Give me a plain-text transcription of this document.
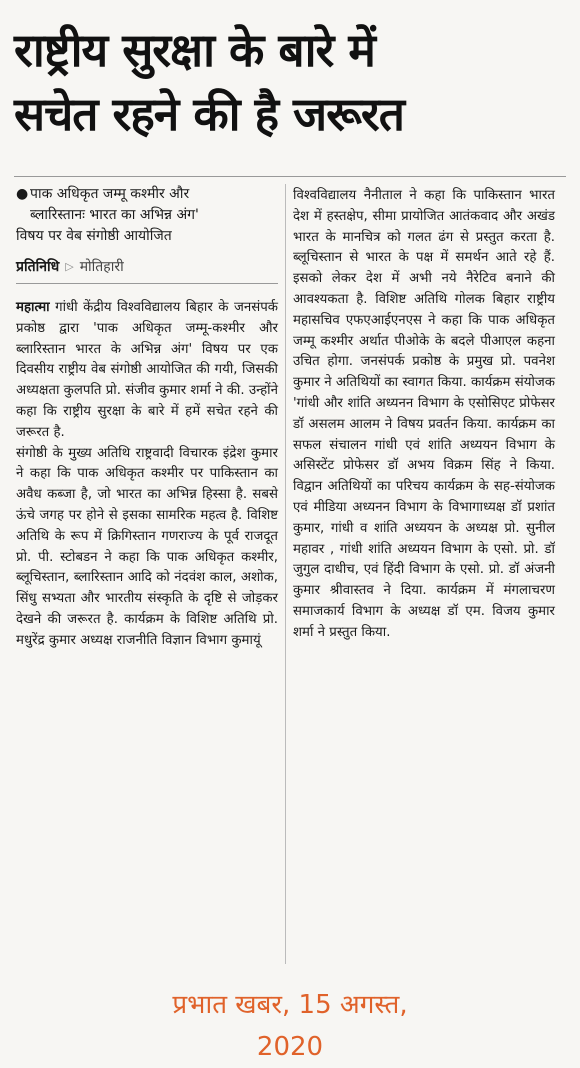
राष्ट्रीय सुरक्षा के बारे में
सचेत रहने की है जरूरत
● पाक अधिकृत जम्मू कश्मीर और
ब्लारिस्तानः भारत का अभिन्न अंग'
विषय पर वेब संगोष्ठी आयोजित
प्रतिनिधि ▷ मोतिहारी

महात्मा गांधी केंद्रीय विश्वविद्यालय बिहार के जनसंपर्क प्रकोष्ठ द्वारा 'पाक अधिकृत जम्मू-कश्मीर और ब्लारिस्तान भारत के अभिन्न अंग' विषय पर एक दिवसीय राष्ट्रीय वेब संगोष्ठी आयोजित की गयी, जिसकी अध्यक्षता कुलपति प्रो. संजीव कुमार शर्मा ने की. उन्होंने कहा कि राष्ट्रीय सुरक्षा के बारे में हमें सचेत रहने की जरूरत है.

संगोष्ठी के मुख्य अतिथि राष्ट्रवादी विचारक इंद्रेश कुमार ने कहा कि पाक अधिकृत कश्मीर पर पाकिस्तान का अवैध कब्जा है, जो भारत का अभिन्न हिस्सा है. सबसे ऊंचे जगह पर होने से इसका सामरिक महत्व है. विशिष्ट अतिथि के रूप में क्रिगिस्तान गणराज्य के पूर्व राजदूत प्रो. पी. स्टोबडन ने कहा कि पाक अधिकृत कश्मीर, ब्लूचिस्तान, ब्लारिस्तान आदि को नंदवंश काल, अशोक, सिंधु सभ्यता और भारतीय संस्कृति के दृष्टि से जोड़कर देखने की जरूरत है. कार्यक्रम के विशिष्ट अतिथि प्रो. मधुरेंद्र कुमार अध्यक्ष राजनीति विज्ञान विभाग कुमायूं

विश्वविद्यालय नैनीताल ने कहा कि पाकिस्तान भारत देश में हस्तक्षेप, सीमा प्रायोजित आतंकवाद और अखंड भारत के मानचित्र को गलत ढंग से प्रस्तुत करता है. ब्लूचिस्तान से भारत के पक्ष में समर्थन आते रहे हैं. इसको लेकर देश में अभी नये नैरेटिव बनाने की आवश्यकता है. विशिष्ट अतिथि गोलक बिहार राष्ट्रीय महासचिव एफएआईएनएस ने कहा कि पाक अधिकृत जम्मू कश्मीर अर्थात पीओके के बदले पीआएल कहना उचित होगा. जनसंपर्क प्रकोष्ठ के प्रमुख प्रो. पवनेश कुमार ने अतिथियों का स्वागत किया. कार्यक्रम संयोजक 'गांधी और शांति अध्यनन विभाग के एसोसिएट प्रोफेसर डॉ असलम आलम ने विषय प्रवर्तन किया. कार्यक्रम का सफल संचालन गांधी एवं शांति अध्ययन विभाग के असिस्टेंट प्रोफेसर डॉ अभय विक्रम सिंह ने किया. विद्वान अतिथियों का परिचय कार्यक्रम के सह-संयोजक एवं मीडिया अध्यनन विभाग के विभागाध्यक्ष डॉ प्रशांत कुमार, गांधी व शांति अध्ययन के अध्यक्ष प्रो. सुनील महावर , गांधी शांति अध्ययन विभाग के एसो. प्रो. डॉ जुगुल दाधीच, एवं हिंदी विभाग के एसो. प्रो. डॉ अंजनी कुमार श्रीवास्तव ने दिया. कार्यक्रम में मंगलाचरण समाजकार्य विभाग के अध्यक्ष डॉ एम. विजय कुमार शर्मा ने प्रस्तुत किया.

प्रभात खबर, 15 अगस्त,
2020
